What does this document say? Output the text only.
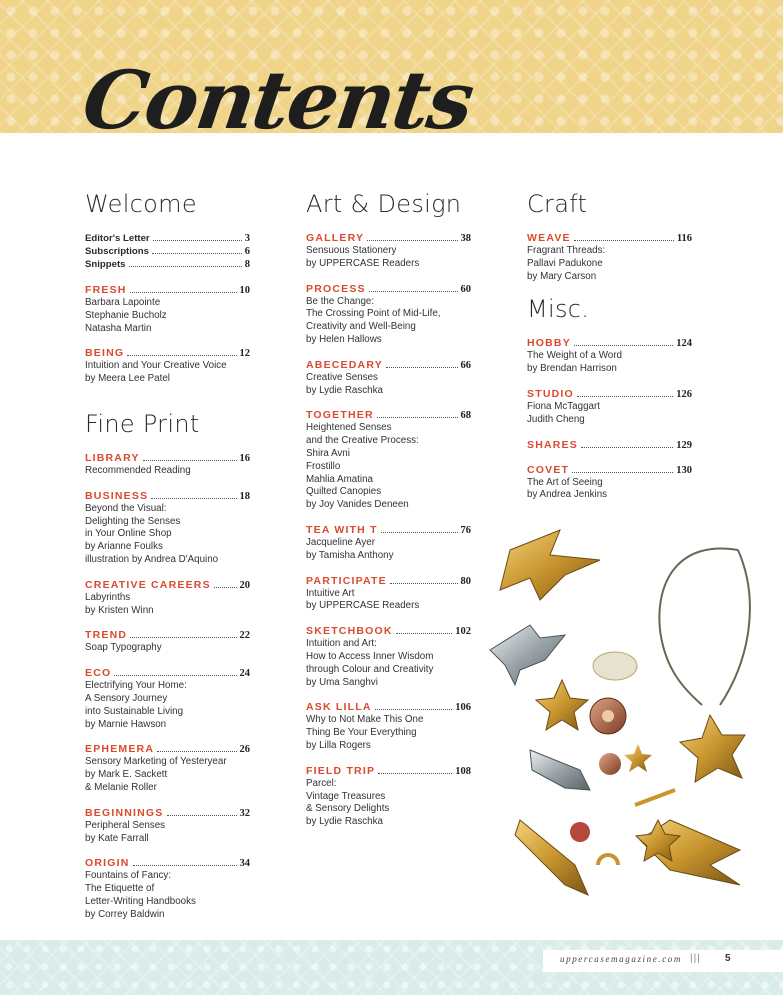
Contents
Welcome
Editor's Letter	3
Subscriptions	6
Snippets	8
FRESH	10
Barbara Lapointe
Stephanie Bucholz
Natasha Martin
BEING	12
Intuition and Your Creative Voice
by Meera Lee Patel
Fine Print
LIBRARY	16
Recommended Reading
BUSINESS	18
Beyond the Visual:
Delighting the Senses
in Your Online Shop
by Arianne Foulks
illustration by Andrea D'Aquino
CREATIVE CAREERS	20
Labyrinths
by Kristen Winn
TREND	22
Soap Typography
ECO	24
Electrifying Your Home:
A Sensory Journey
into Sustainable Living
by Marnie Hawson
EPHEMERA	26
Sensory Marketing of Yesteryear
by Mark E. Sackett
& Melanie Roller
BEGINNINGS	32
Peripheral Senses
by Kate Farrall
ORIGIN	34
Fountains of Fancy:
The Etiquette of
Letter-Writing Handbooks
by Correy Baldwin
Art & Design
GALLERY	38
Sensuous Stationery
by UPPERCASE Readers
PROCESS	60
Be the Change:
The Crossing Point of Mid-Life,
Creativity and Well-Being
by Helen Hallows
ABECEDARY	66
Creative Senses
by Lydie Raschka
TOGETHER	68
Heightened Senses
and the Creative Process:
Shira Avni
Frostillo
Mahlia Amatina
Quilted Canopies
by Joy Vanides Deneen
TEA WITH T	76
Jacqueline Ayer
by Tamisha Anthony
PARTICIPATE	80
Intuitive Art
by UPPERCASE Readers
SKETCHBOOK	102
Intuition and Art:
How to Access Inner Wisdom
through Colour and Creativity
by Uma Sanghvi
ASK LILLA	106
Why to Not Make This One
Thing Be Your Everything
by Lilla Rogers
FIELD TRIP	108
Parcel:
Vintage Treasures
& Sensory Delights
by Lydie Raschka
Craft
WEAVE	116
Fragrant Threads:
Pallavi Padukone
by Mary Carson
Misc.
HOBBY	124
The Weight of a Word
by Brendan Harrison
STUDIO	126
Fiona McTaggart
Judith Cheng
SHARES	129
COVET	130
The Art of Seeing
by Andrea Jenkins
uppercasemagazine.com ||| 5
